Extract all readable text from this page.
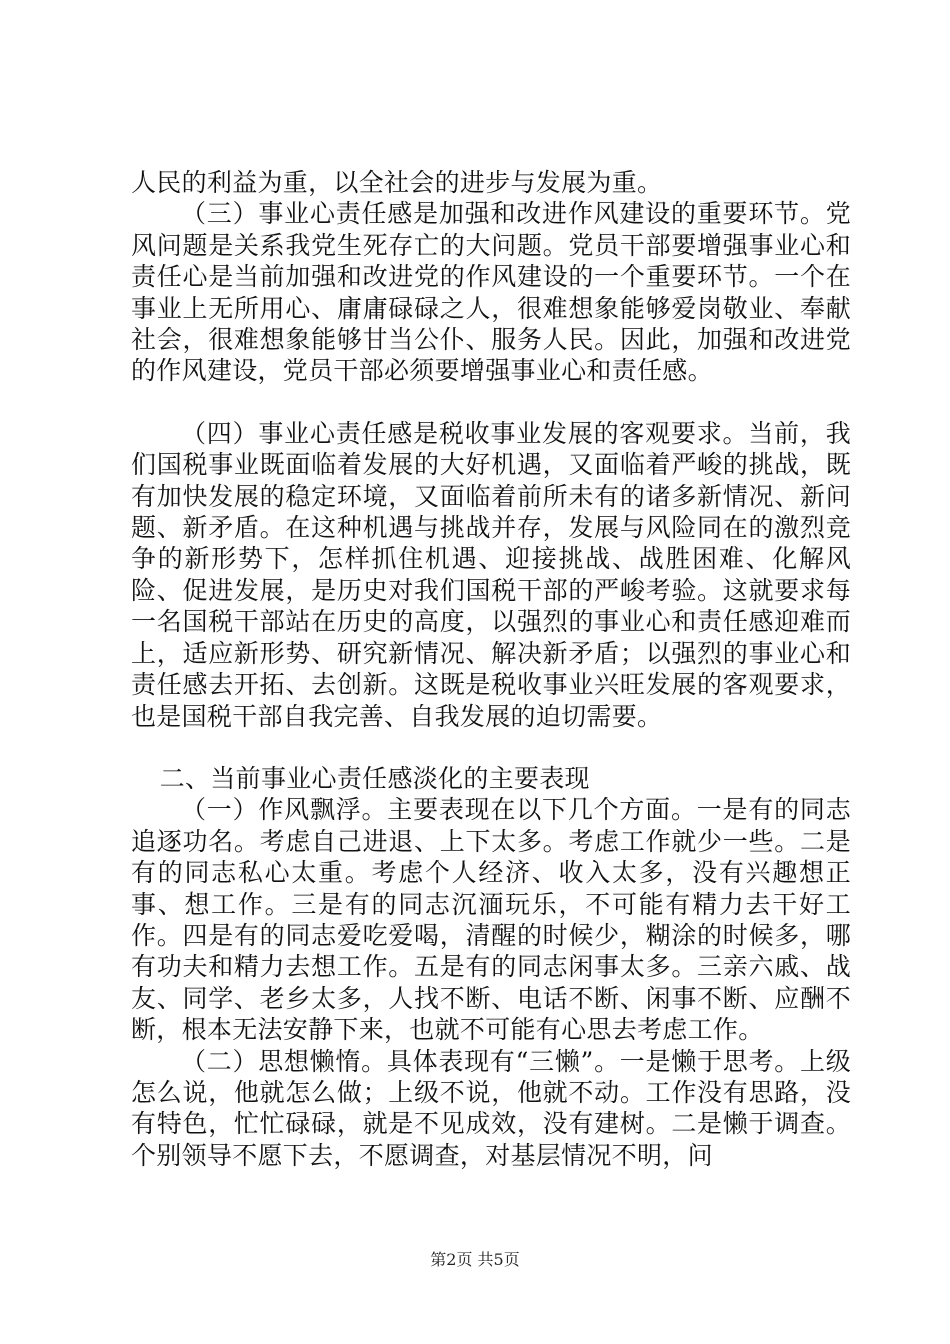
人民的利益为重，以全社会的进步与发展为重。

（三）事业心责任感是加强和改进作风建设的重要环节。党风问题是关系我党生死存亡的大问题。党员干部要增强事业心和责任心是当前加强和改进党的作风建设的一个重要环节。一个在事业上无所用心、庸庸碌碌之人，很难想象能够爱岗敬业、奉献社会，很难想象能够甘当公仆、服务人民。因此，加强和改进党的作风建设，党员干部必须要增强事业心和责任感。

（四）事业心责任感是税收事业发展的客观要求。当前，我们国税事业既面临着发展的大好机遇，又面临着严峻的挑战，既有加快发展的稳定环境，又面临着前所未有的诸多新情况、新问题、新矛盾。在这种机遇与挑战并存，发展与风险同在的激烈竞争的新形势下，怎样抓住机遇、迎接挑战、战胜困难、化解风险、促进发展，是历史对我们国税干部的严峻考验。这就要求每一名国税干部站在历史的高度，以强烈的事业心和责任感迎难而上，适应新形势、研究新情况、解决新矛盾；以强烈的事业心和责任感去开拓、去创新。这既是税收事业兴旺发展的客观要求，也是国税干部自我完善、自我发展的迫切需要。

二、当前事业心责任感淡化的主要表现

（一）作风飘浮。主要表现在以下几个方面。一是有的同志追逐功名。考虑自己进退、上下太多。考虑工作就少一些。二是有的同志私心太重。考虑个人经济、收入太多，没有兴趣想正事、想工作。三是有的同志沉湎玩乐，不可能有精力去干好工作。四是有的同志爱吃爱喝，清醒的时候少，糊涂的时候多，哪有功夫和精力去想工作。五是有的同志闲事太多。三亲六戚、战友、同学、老乡太多，人找不断、电话不断、闲事不断、应酬不断，根本无法安静下来，也就不可能有心思去考虑工作。

（二）思想懒惰。具体表现有“三懒”。一是懒于思考。上级怎么说，他就怎么做；上级不说，他就不动。工作没有思路，没有特色，忙忙碌碌，就是不见成效，没有建树。二是懒于调查。个别领导不愿下去，不愿调查，对基层情况不明，问

第2页 共5页
